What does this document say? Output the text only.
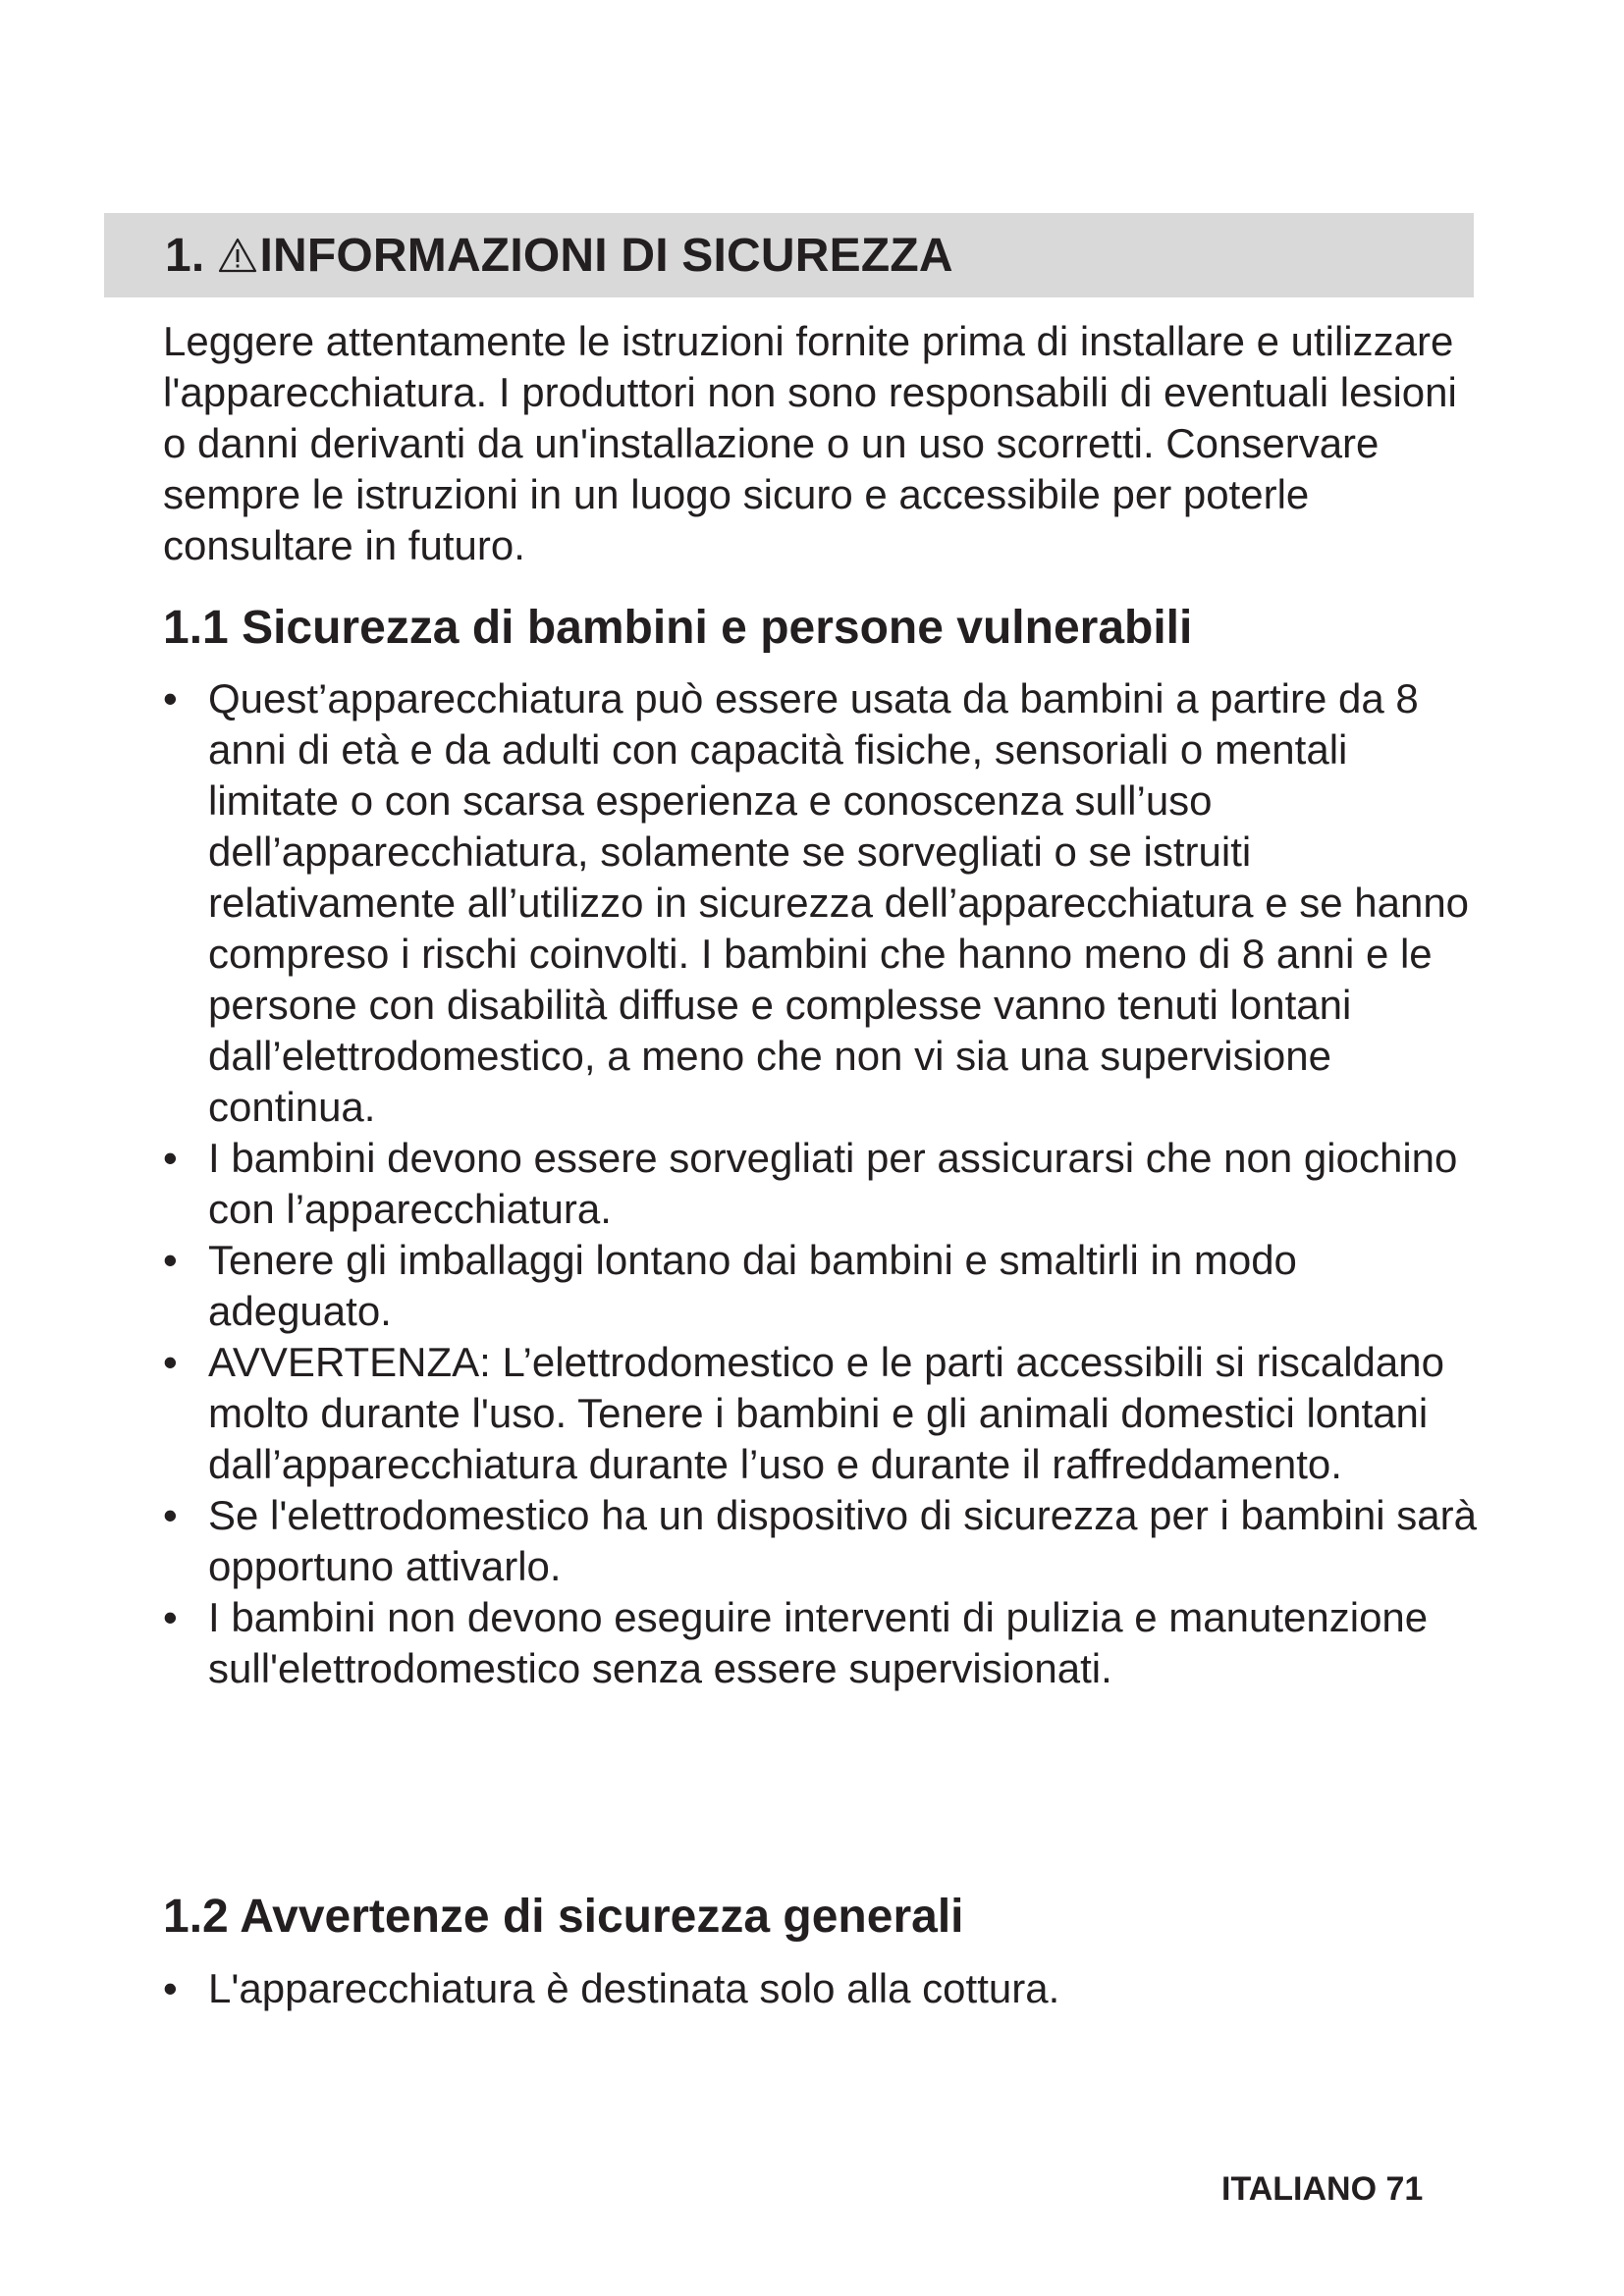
1. INFORMAZIONI DI SICUREZZA

Leggere attentamente le istruzioni fornite prima di installare e utilizzare l'apparecchiatura. I produttori non sono responsabili di eventuali lesioni o danni derivanti da un'installazione o un uso scorretti. Conservare sempre le istruzioni in un luogo sicuro e accessibile per poterle consultare in futuro.

1.1 Sicurezza di bambini e persone vulnerabili
• Quest’apparecchiatura può essere usata da bambini a partire da 8 anni di età e da adulti con capacità fisiche, sensoriali o mentali limitate o con scarsa esperienza e conoscenza sull’uso dell’apparecchiatura, solamente se sorvegliati o se istruiti relativamente all’utilizzo in sicurezza dell’apparecchiatura e se hanno compreso i rischi coinvolti. I bambini che hanno meno di 8 anni e le persone con disabilità diffuse e complesse vanno tenuti lontani dall’elettrodomestico, a meno che non vi sia una supervisione continua.
• I bambini devono essere sorvegliati per assicurarsi che non giochino con l’apparecchiatura.
• Tenere gli imballaggi lontano dai bambini e smaltirli in modo adeguato.
• AVVERTENZA: L’elettrodomestico e le parti accessibili si riscaldano molto durante l'uso. Tenere i bambini e gli animali domestici lontani dall’apparecchiatura durante l’uso e durante il raffreddamento.
• Se l'elettrodomestico ha un dispositivo di sicurezza per i bambini sarà opportuno attivarlo.
• I bambini non devono eseguire interventi di pulizia e manutenzione sull'elettrodomestico senza essere supervisionati.
1.2 Avvertenze di sicurezza generali
• L'apparecchiatura è destinata solo alla cottura.

ITALIANO 71
